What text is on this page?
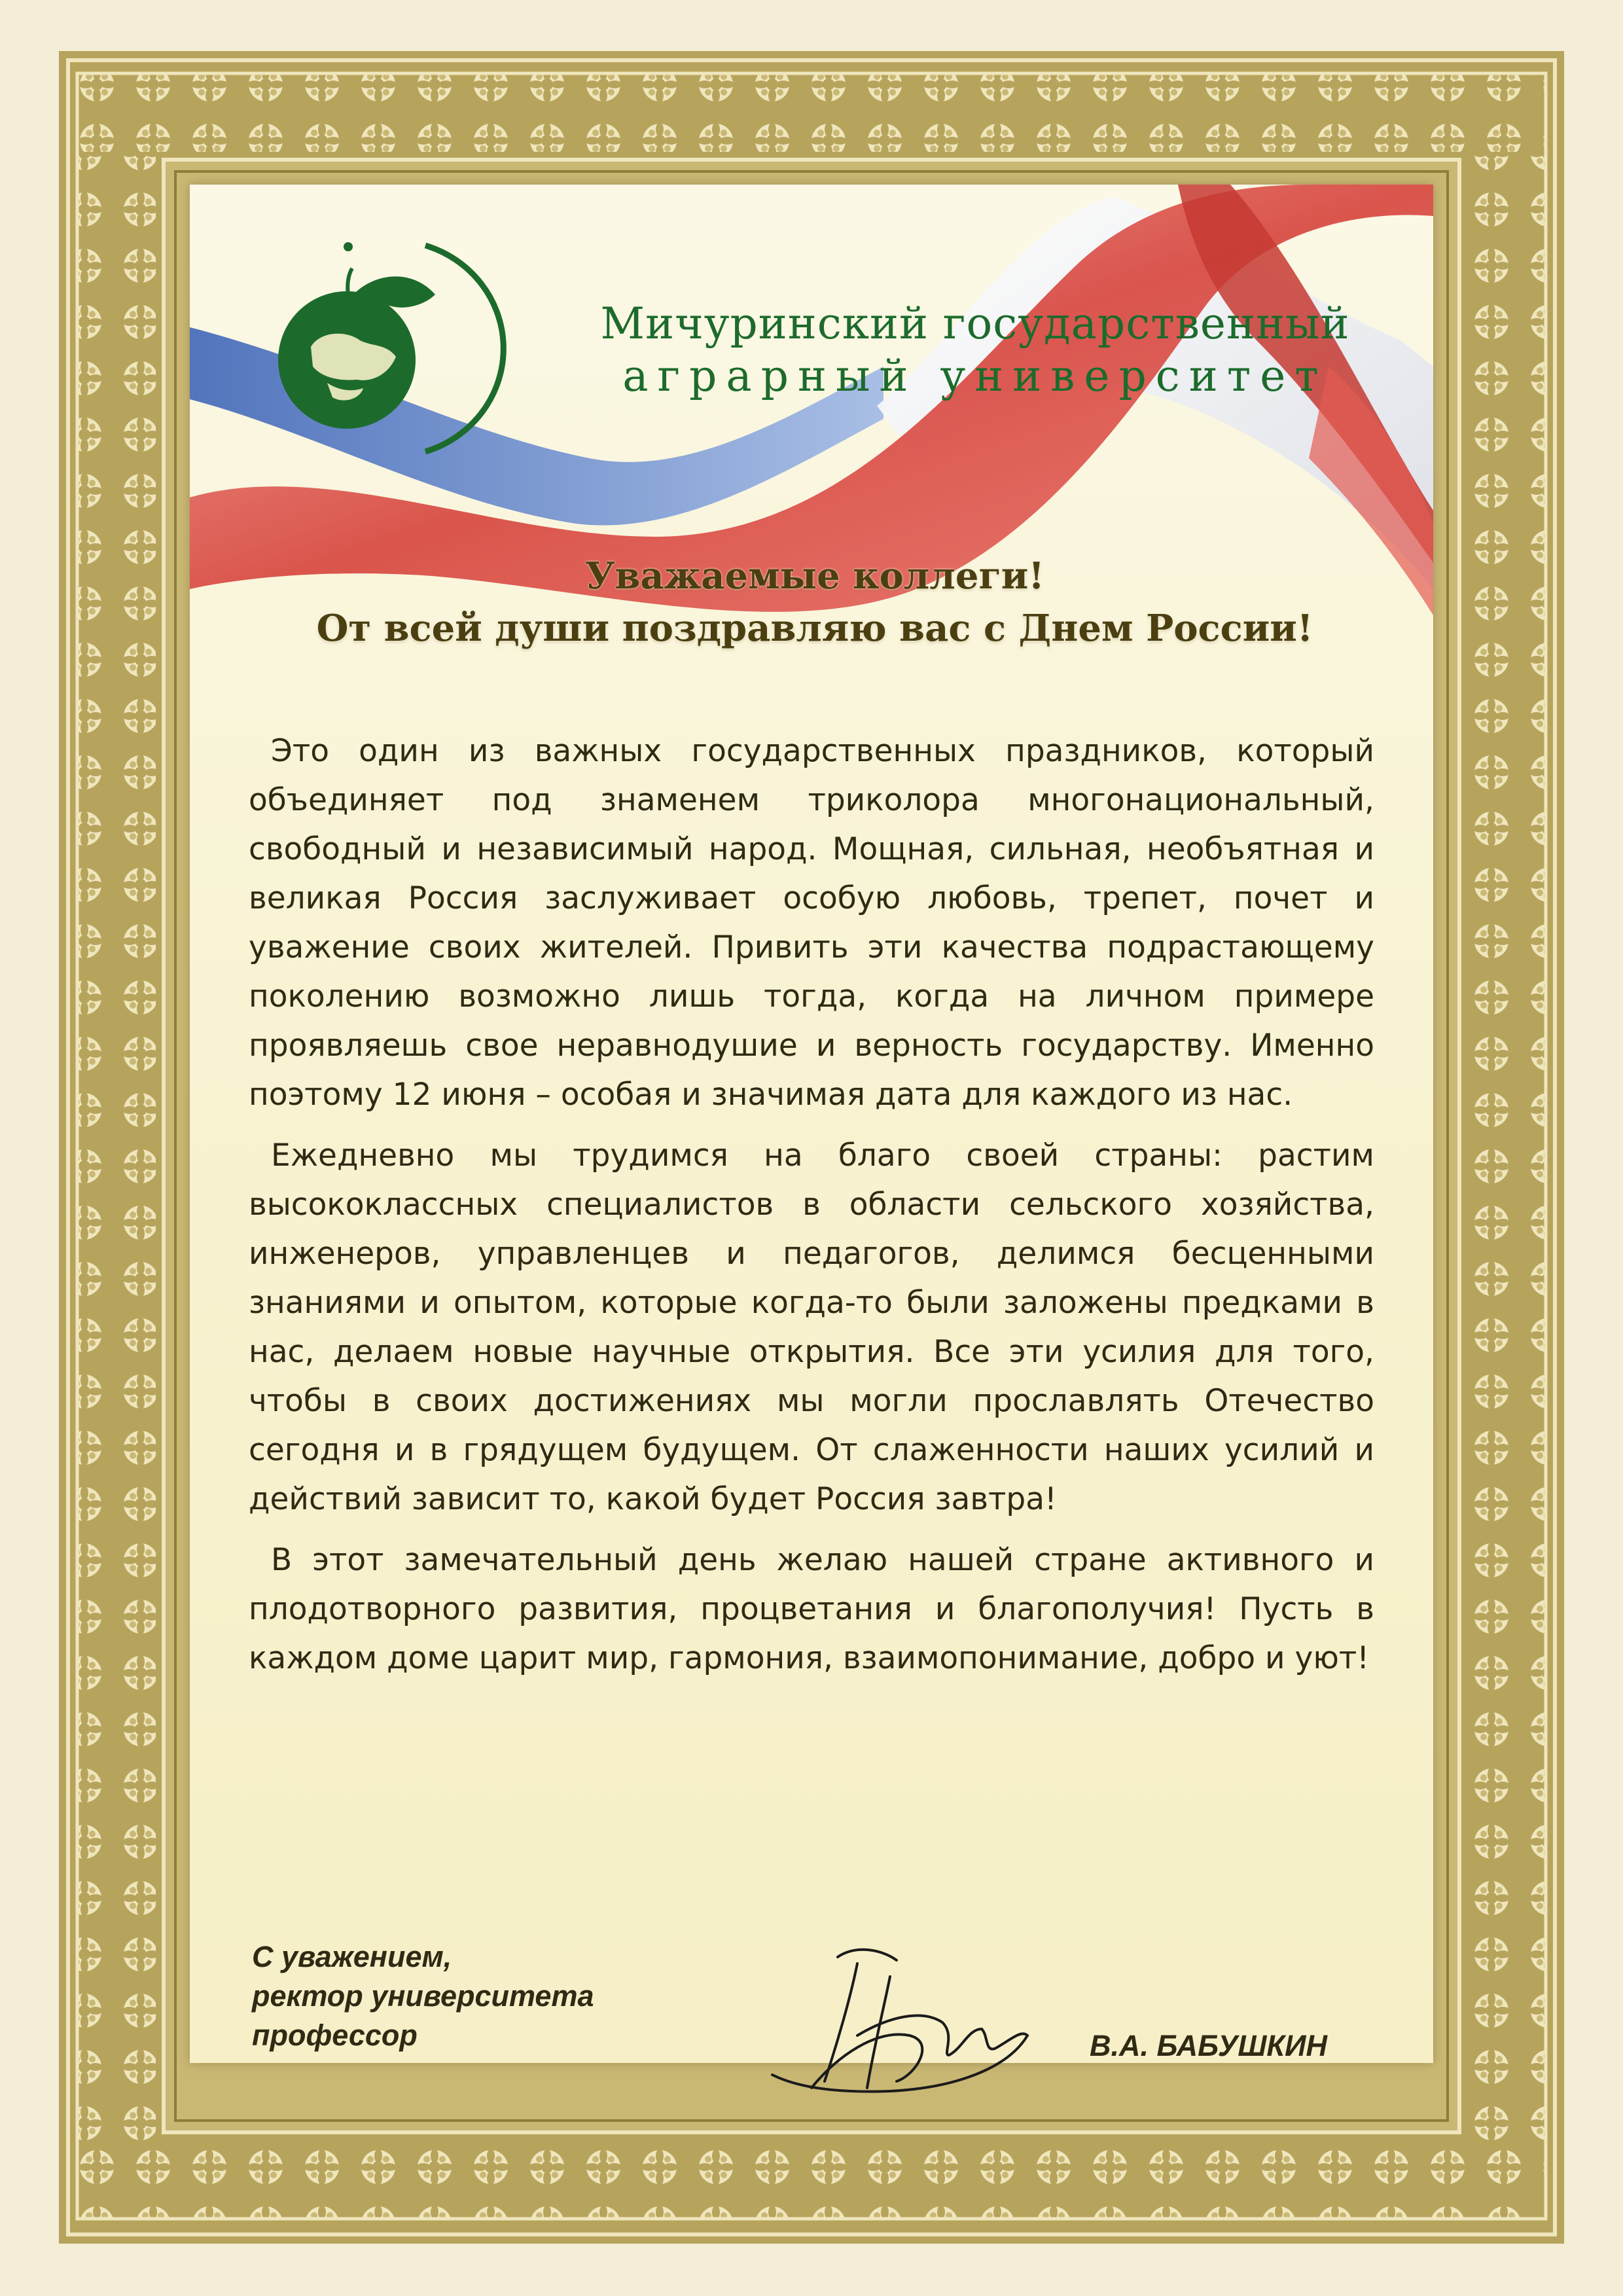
Мичуринский государственный
аграрный университет
Уважаемые коллеги!
От всей души поздравляю вас с Днем России!

Это один из важных государственных праздников, который объединяет под знаменем триколора многонациональный, свободный и независимый народ. Мощная, сильная, необъятная и великая Россия заслуживает особую любовь, трепет, почет и уважение своих жителей. Привить эти качества подрастающему поколению возможно лишь тогда, когда на личном примере проявляешь свое неравнодушие и верность государству. Именно поэтому 12 июня – особая и значимая дата для каждого из нас.

Ежедневно мы трудимся на благо своей страны: растим высококлассных специалистов в области сельского хозяйства, инженеров, управленцев и педагогов, делимся бесценными знаниями и опытом, которые когда-то были заложены предками в нас, делаем новые научные открытия. Все эти усилия для того, чтобы в своих достижениях мы могли прославлять Отечество сегодня и в грядущем будущем. От слаженности наших усилий и действий зависит то, какой будет Россия завтра!

В этот замечательный день желаю нашей стране активного и плодотворного развития, процветания и благополучия! Пусть в каждом доме царит мир, гармония, взаимопонимание, добро и уют!

С уважением,
ректор университета
профессор	В.А. БАБУШКИН
